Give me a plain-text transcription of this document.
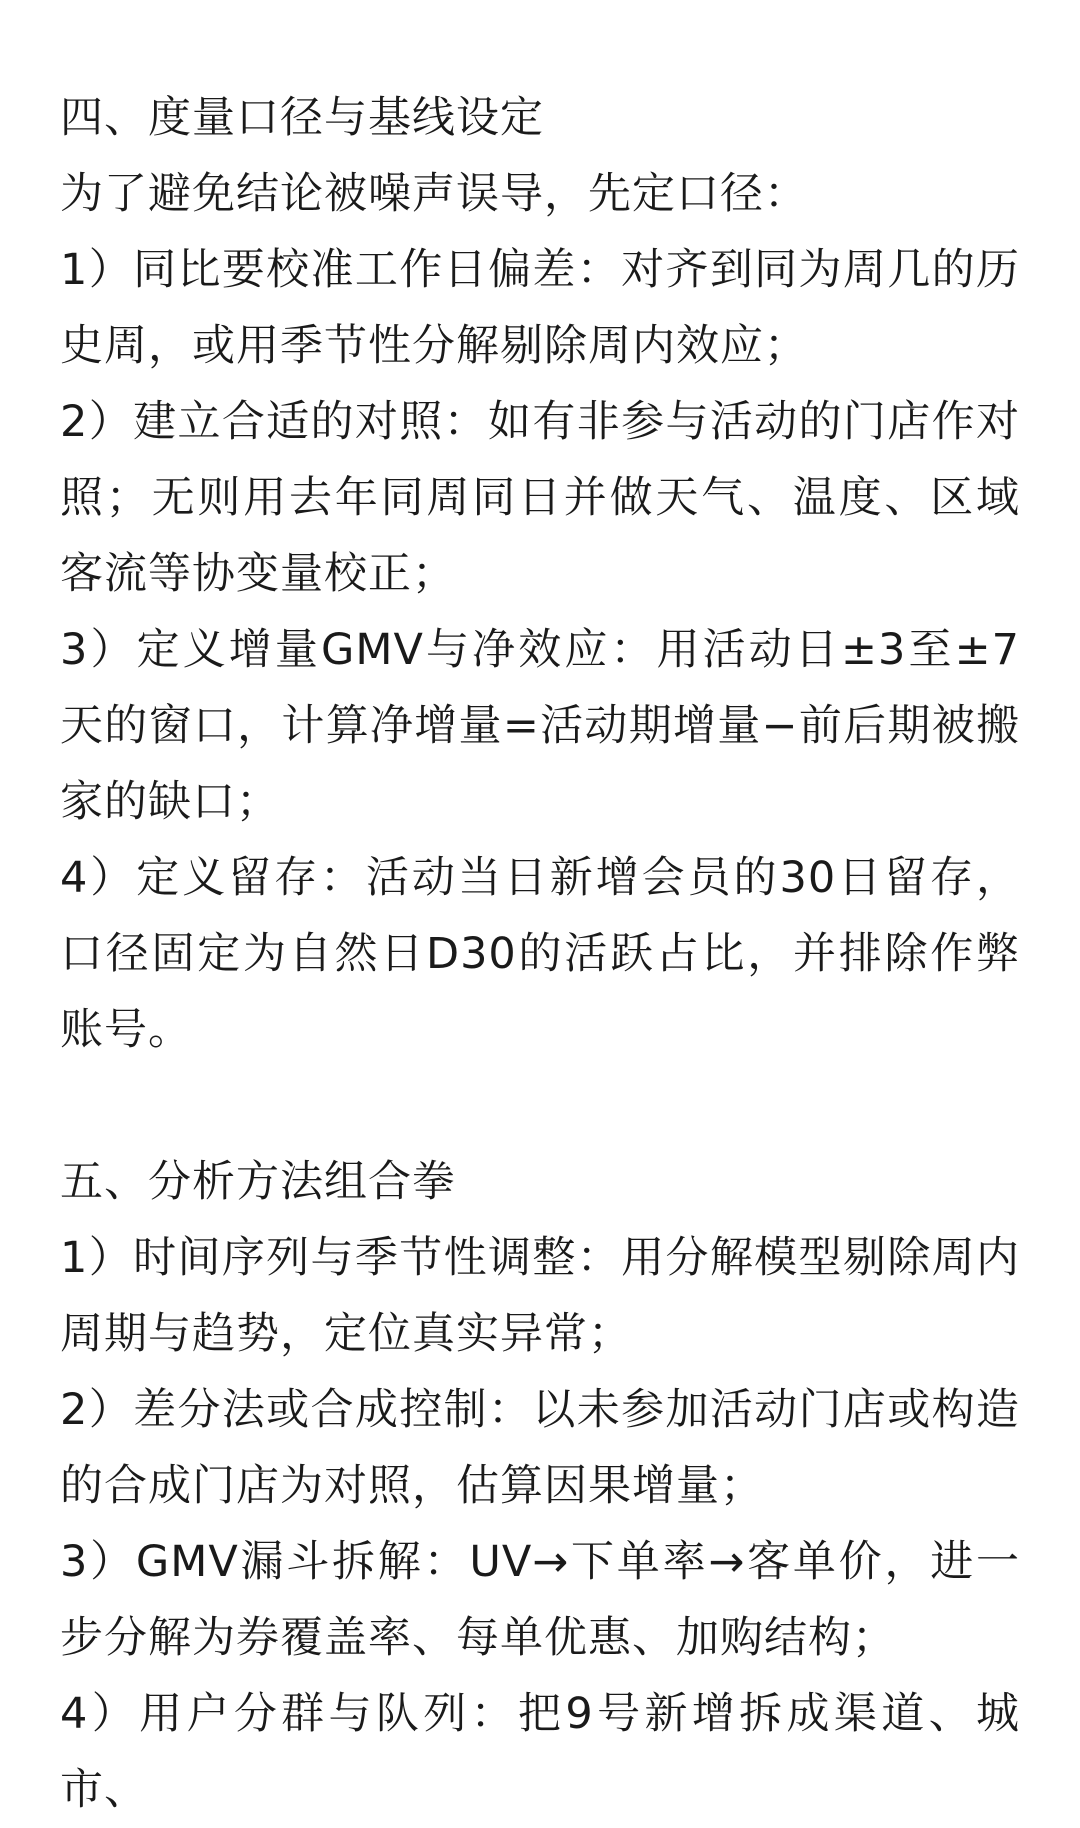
四、度量口径与基线设定

为了避免结论被噪声误导，先定口径：

1）同比要校准工作日偏差：对齐到同为周几的历史周，或用季节性分解剔除周内效应；

2）建立合适的对照：如有非参与活动的门店作对照；无则用去年同周同日并做天气、温度、区域客流等协变量校正；

3）定义增量GMV与净效应：用活动日±3至±7天的窗口，计算净增量=活动期增量−前后期被搬家的缺口；

4）定义留存：活动当日新增会员的30日留存，口径固定为自然日D30的活跃占比，并排除作弊账号。

五、分析方法组合拳

1）时间序列与季节性调整：用分解模型剔除周内周期与趋势，定位真实异常；

2）差分法或合成控制：以未参加活动门店或构造的合成门店为对照，估算因果增量；

3）GMV漏斗拆解：UV→下单率→客单价，进一步分解为券覆盖率、每单优惠、加购结构；

4）用户分群与队列：把9号新增拆成渠道、城市、
